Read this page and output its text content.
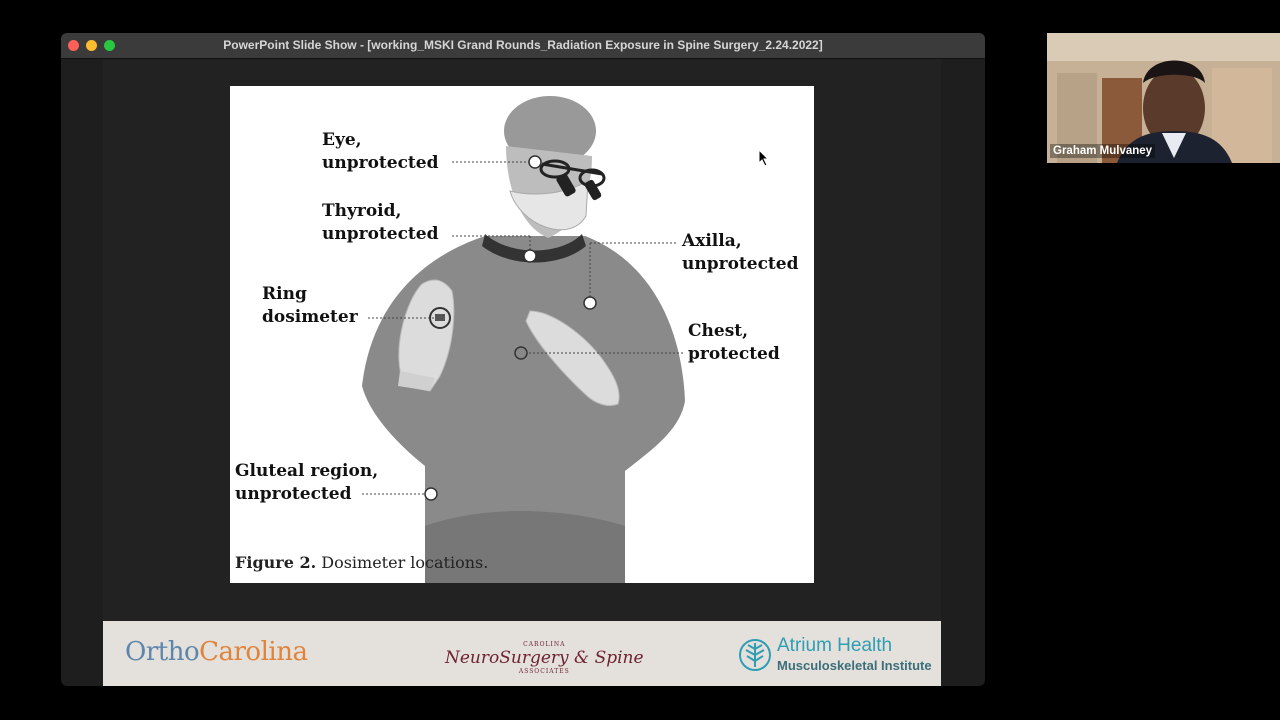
PowerPoint Slide Show - [working_MSKI Grand Rounds_Radiation Exposure in Spine Surgery_2.24.2022]
Eye,
unprotected
Thyroid,
unprotected
Ring
dosimeter
Gluteal region,
unprotected
Axilla,
unprotected
Chest,
protected
Figure 2. Dosimeter locations.
OrthoCarolina	CAROLINA
NeuroSurgery & Spine
ASSOCIATES
Atrium Health
Musculoskeletal Institute
Graham Mulvaney
